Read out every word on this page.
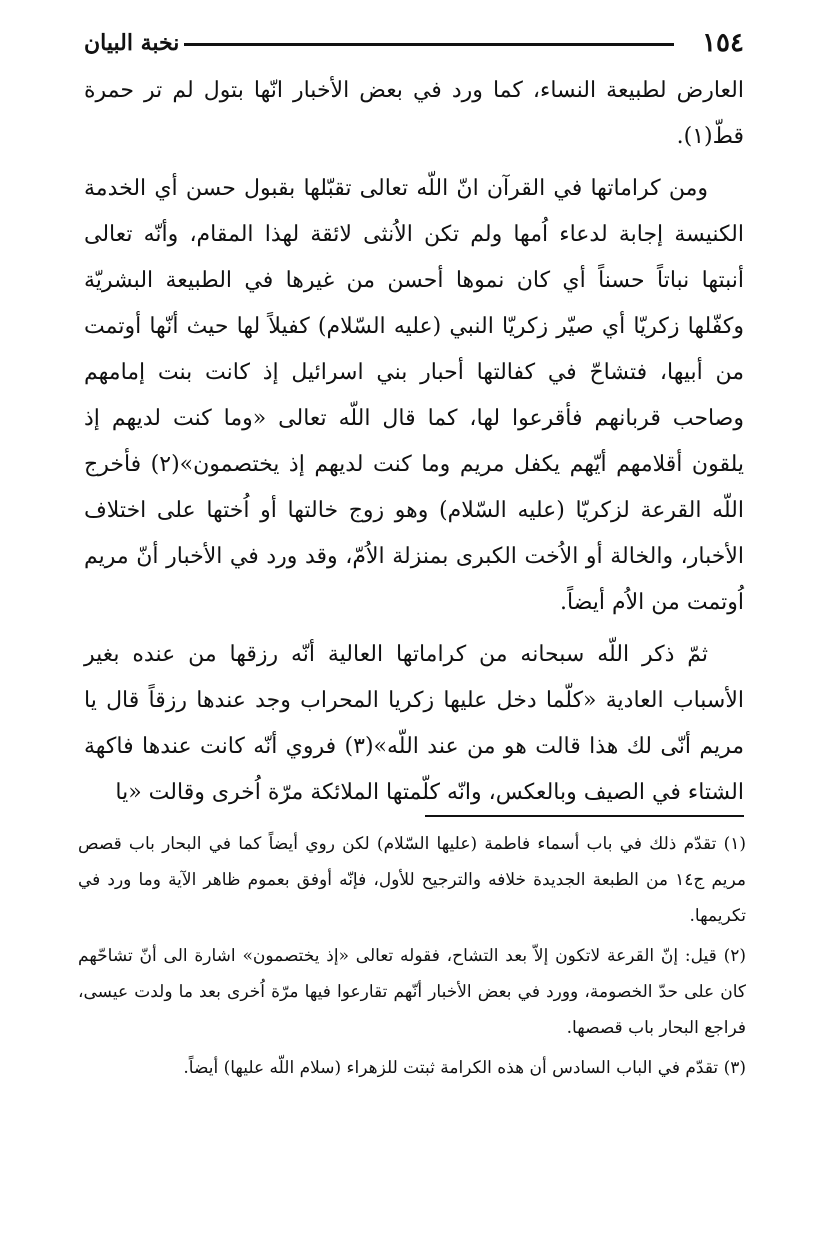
١٥٤
نخبة البيان

العارض لطبيعة النساء، كما ورد في بعض الأخبار انّها بتول لم تر حمرة قطّ(١).

ومن كراماتها في القرآن انّ اللّه تعالى تقبّلها بقبول حسن أي الخدمة الكنيسة إجابة لدعاء اُمها ولم تكن الاُنثى لائقة لهذا المقام، وأنّه تعالى أنبتها نباتاً حسناً أي كان نموها أحسن من غيرها في الطبيعة البشريّة وكفّلها زكريّا أي صيّر زكريّا النبي (عليه السّلام) كفيلاً لها حيث أنّها أوتمت من أبيها، فتشاحّ في كفالتها أحبار بني اسرائيل إذ كانت بنت إمامهم وصاحب قربانهم فأقرعوا لها، كما قال اللّه تعالى «وما كنت لديهم إذ يلقون أقلامهم أيّهم يكفل مريم وما كنت لديهم إذ يختصمون»(٢) فأخرج اللّه القرعة لزكريّا (عليه السّلام) وهو زوج خالتها أو اُختها على اختلاف الأخبار، والخالة أو الاُخت الكبرى بمنزلة الاُمّ، وقد ورد في الأخبار أنّ مريم اُوتمت من الاُم أيضاً.

ثمّ ذكر اللّه سبحانه من كراماتها العالية أنّه رزقها من عنده بغير الأسباب العادية «كلّما دخل عليها زكريا المحراب وجد عندها رزقاً قال يا مريم أنّى لك هذا قالت هو من عند اللّه»(٣) فروي أنّه كانت عندها فاكهة الشتاء في الصيف وبالعكس، وانّه كلّمتها الملائكة مرّة اُخرى وقالت «يا

(١) تقدّم ذلك في باب أسماء فاطمة (عليها السّلام) لكن روي أيضاً كما في البحار باب قصص مريم ج١٤ من الطبعة الجديدة خلافه والترجيح للأول، فإنّه أوفق بعموم ظاهر الآية وما ورد في تكريمها.

(٢) قيل: إنّ القرعة لاتكون إلاّ بعد التشاح، فقوله تعالى «إذ يختصمون» اشارة الى أنّ تشاحّهم كان على حدّ الخصومة، وورد في بعض الأخبار أنّهم تقارعوا فيها مرّة اُخرى بعد ما ولدت عيسى، فراجع البحار باب قصصها.

(٣) تقدّم في الباب السادس أن هذه الكرامة ثبتت للزهراء (سلام اللّه عليها) أيضاً.
